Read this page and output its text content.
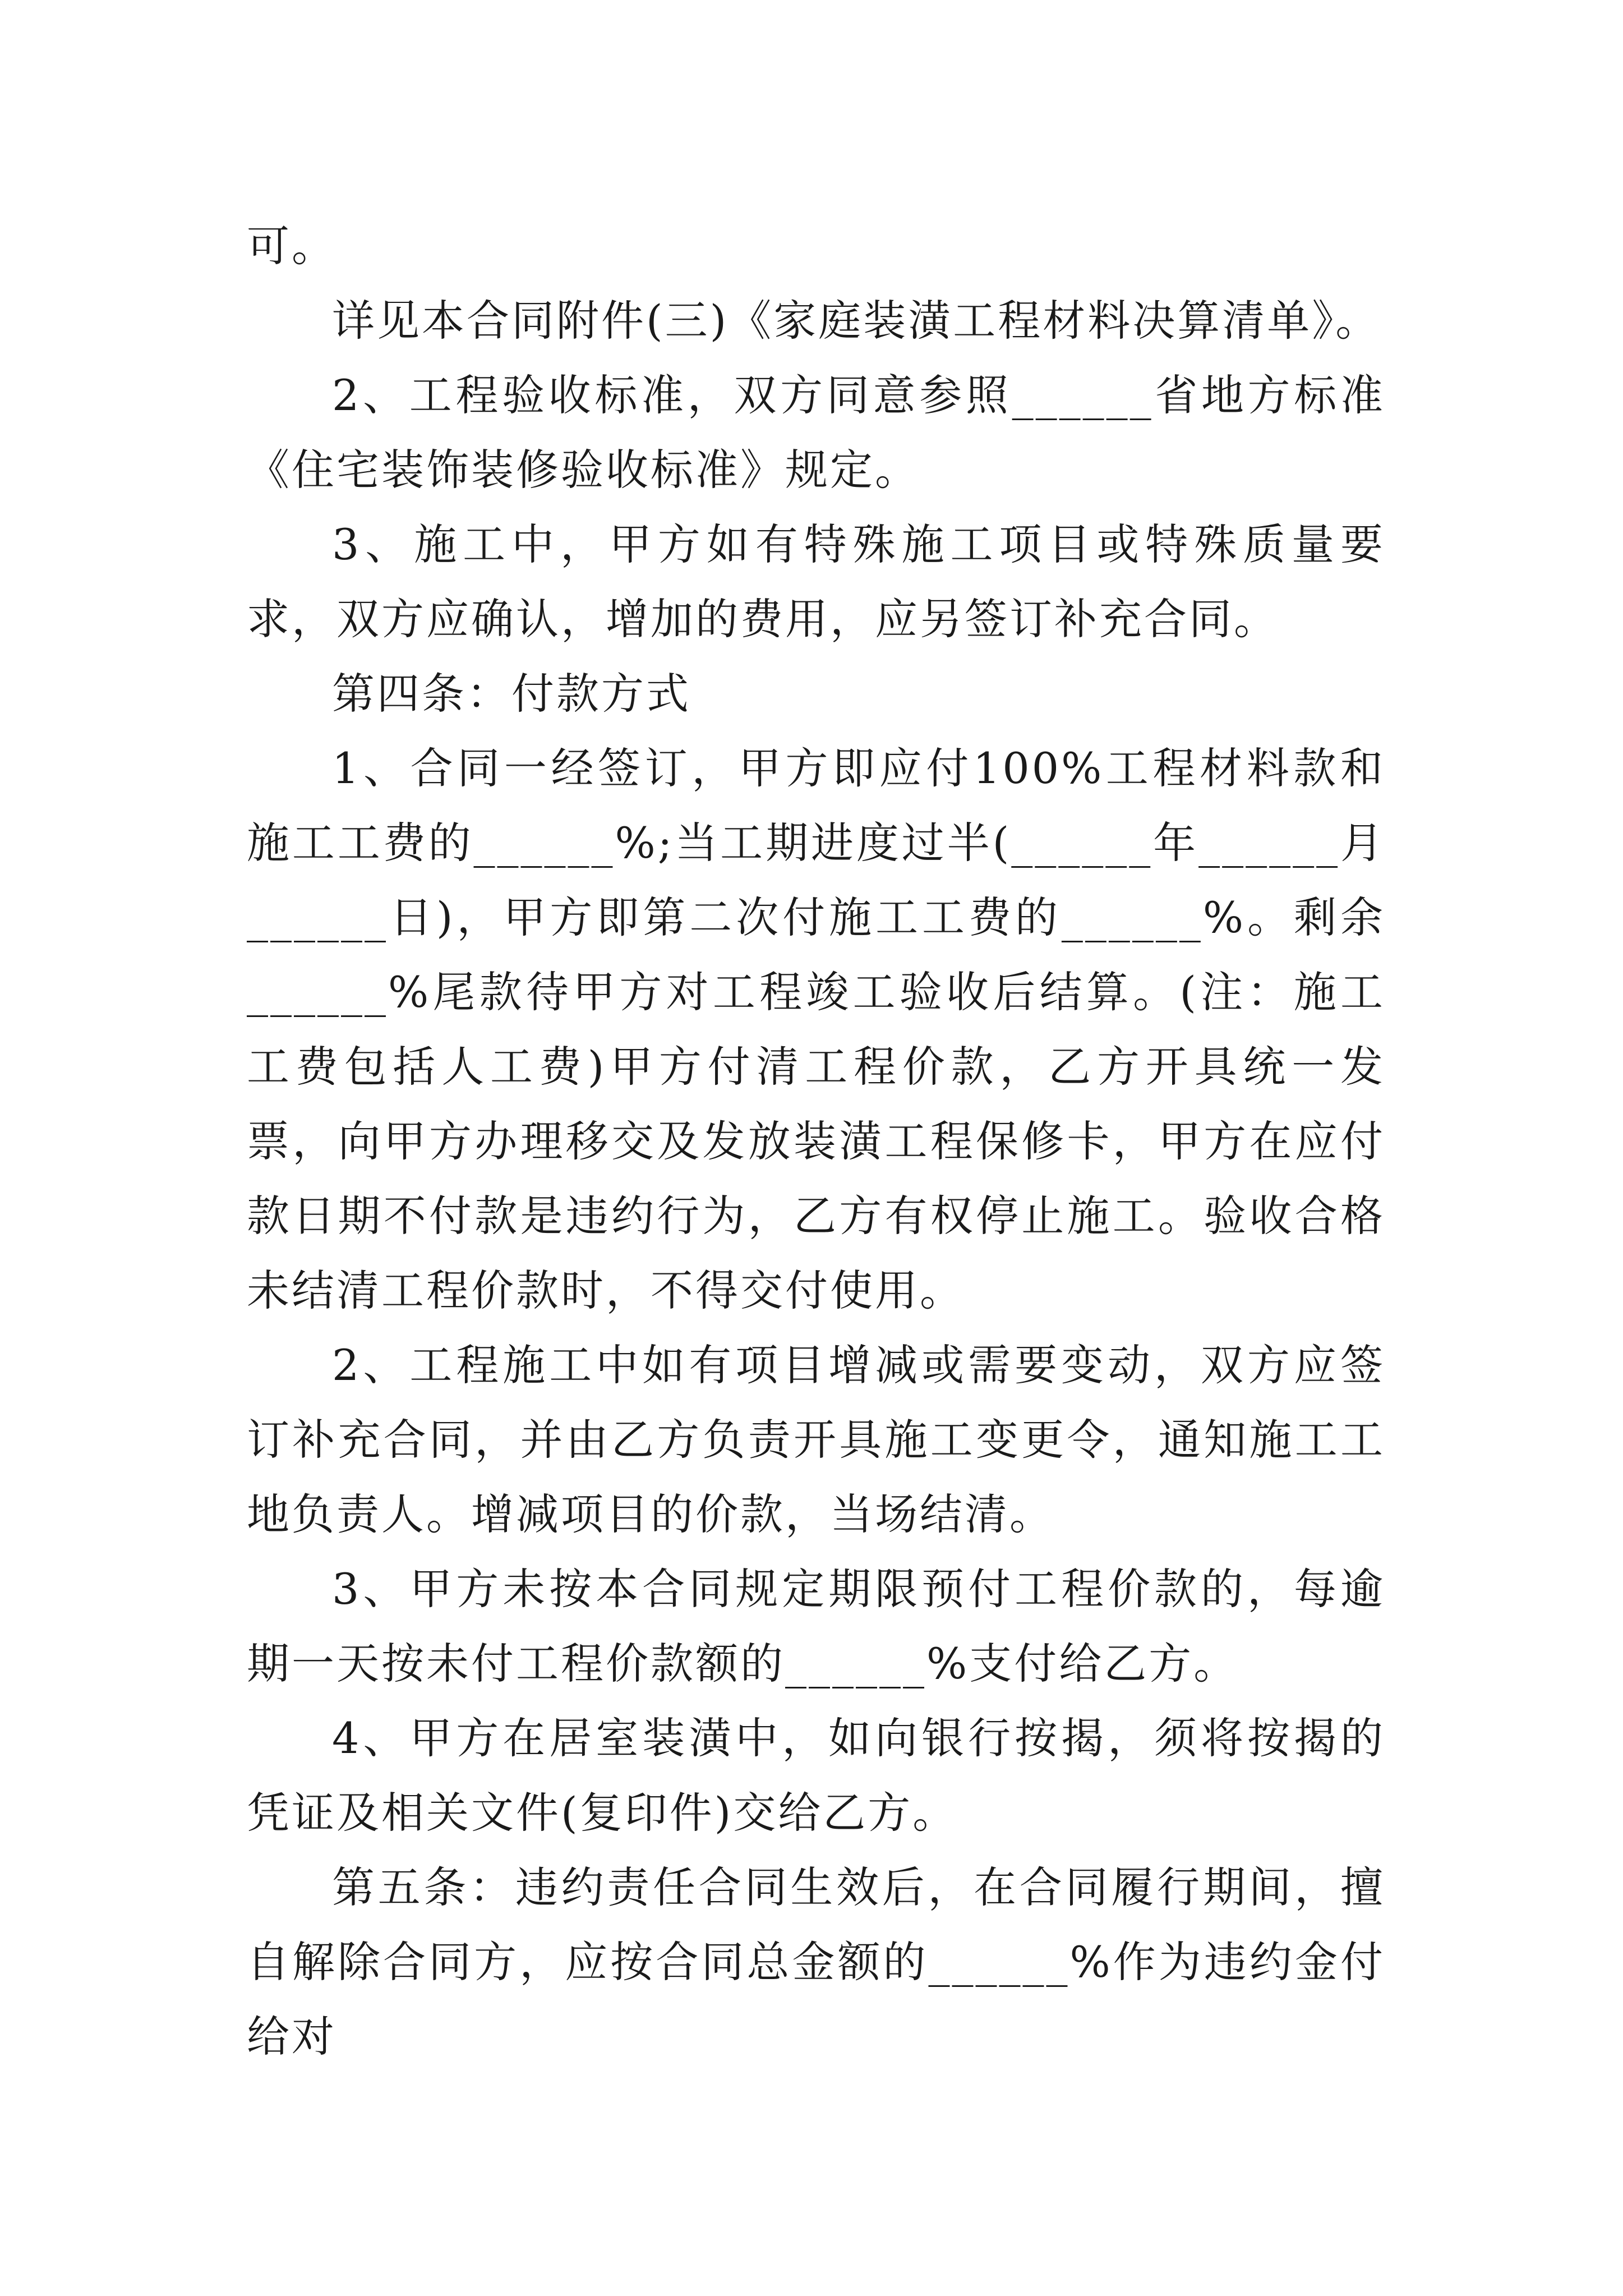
可。

详见本合同附件(三)《家庭装潢工程材料决算清单》。

2、工程验收标准，双方同意参照______省地方标准《住宅装饰装修验收标准》规定。

3、施工中，甲方如有特殊施工项目或特殊质量要求，双方应确认，增加的费用，应另签订补充合同。

第四条：付款方式

1、合同一经签订，甲方即应付100%工程材料款和施工工费的______%;当工期进度过半(______年______月______日)，甲方即第二次付施工工费的______%。剩余______%尾款待甲方对工程竣工验收后结算。(注：施工工费包括人工费)甲方付清工程价款，乙方开具统一发票，向甲方办理移交及发放装潢工程保修卡，甲方在应付款日期不付款是违约行为，乙方有权停止施工。验收合格未结清工程价款时，不得交付使用。

2、工程施工中如有项目增减或需要变动，双方应签订补充合同，并由乙方负责开具施工变更令，通知施工工地负责人。增减项目的价款，当场结清。

3、甲方未按本合同规定期限预付工程价款的，每逾期一天按未付工程价款额的______%支付给乙方。

4、甲方在居室装潢中，如向银行按揭，须将按揭的凭证及相关文件(复印件)交给乙方。

第五条：违约责任合同生效后，在合同履行期间，擅自解除合同方，应按合同总金额的______%作为违约金付给对
